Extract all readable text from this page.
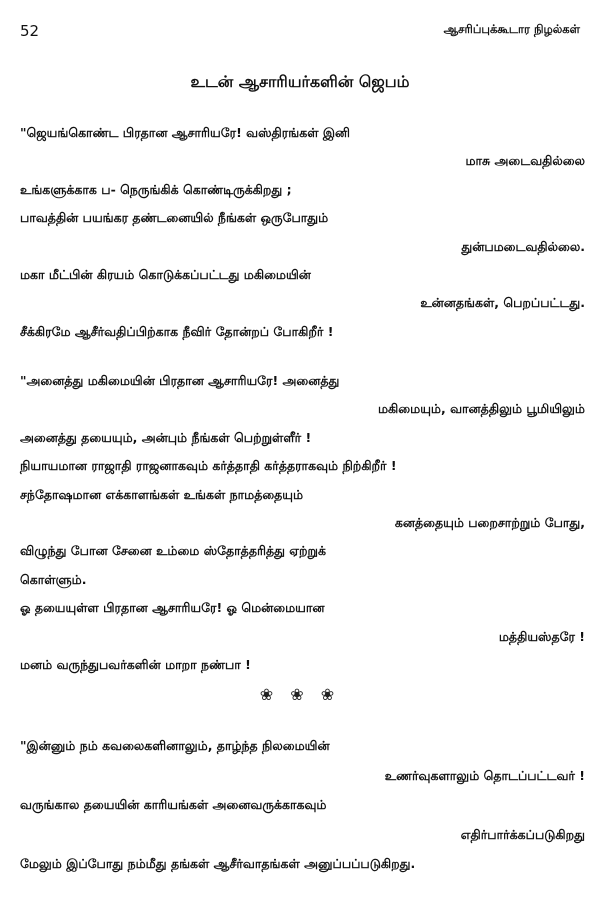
52	ஆசரிப்புக்கூடார நிழல்கள்
உடன் ஆசாரியர்களின் ஜெபம்
"ஜெயங்கொண்ட பிரதான ஆசாரியரே! வஸ்திரங்கள் இனி
மாசு அடைவதில்லை
உங்களுக்காக ப- நெருங்கிக் கொண்டிருக்கிறது ;
பாவத்தின் பயங்கர தண்டனையில் நீங்கள் ஒருபோதும்
துன்பமடைவதில்லை.
மகா மீட்பின் கிரயம் கொடுக்கப்பட்டது மகிமையின்
உன்னதங்கள், பெறப்பட்டது.
சீக்கிரமே ஆசீர்வதிப்பிற்காக நீவிர் தோன்றப் போகிறீர் !
"அனைத்து மகிமையின் பிரதான ஆசாரியரே! அனைத்து
மகிமையும், வானத்திலும் பூமியிலும்
அனைத்து தயையும், அன்பும் நீங்கள் பெற்றுள்ளீர் !
நியாயமான ராஜாதி ராஜனாகவும் கர்த்தாதி கர்த்தராகவும் நிற்கிறீர் !
சந்தோஷமான எக்காளங்கள் உங்கள் நாமத்தையும்
கனத்தையும் பறைசாற்றும் போது,
விழுந்து போன சேனை உம்மை ஸ்தோத்தரித்து ஏற்றுக்
கொள்ளும்.
ஓ தயையுள்ள பிரதான ஆசாரியரே! ஓ மென்மையான
மத்தியஸ்தரே !
மனம் வருந்துபவர்களின் மாறா நண்பா !
"இன்னும் நம் கவலைகளினாலும், தாழ்ந்த நிலமையின்
உணர்வுகளாலும் தொடப்பட்டவர் !
வருங்கால தயையின் காரியங்கள் அனைவருக்காகவும்
எதிர்பார்க்கப்படுகிறது
மேலும் இப்போது நம்மீது தங்கள் ஆசீர்வாதங்கள் அனுப்பப்படுகிறது.
❀ ❀ ❀
